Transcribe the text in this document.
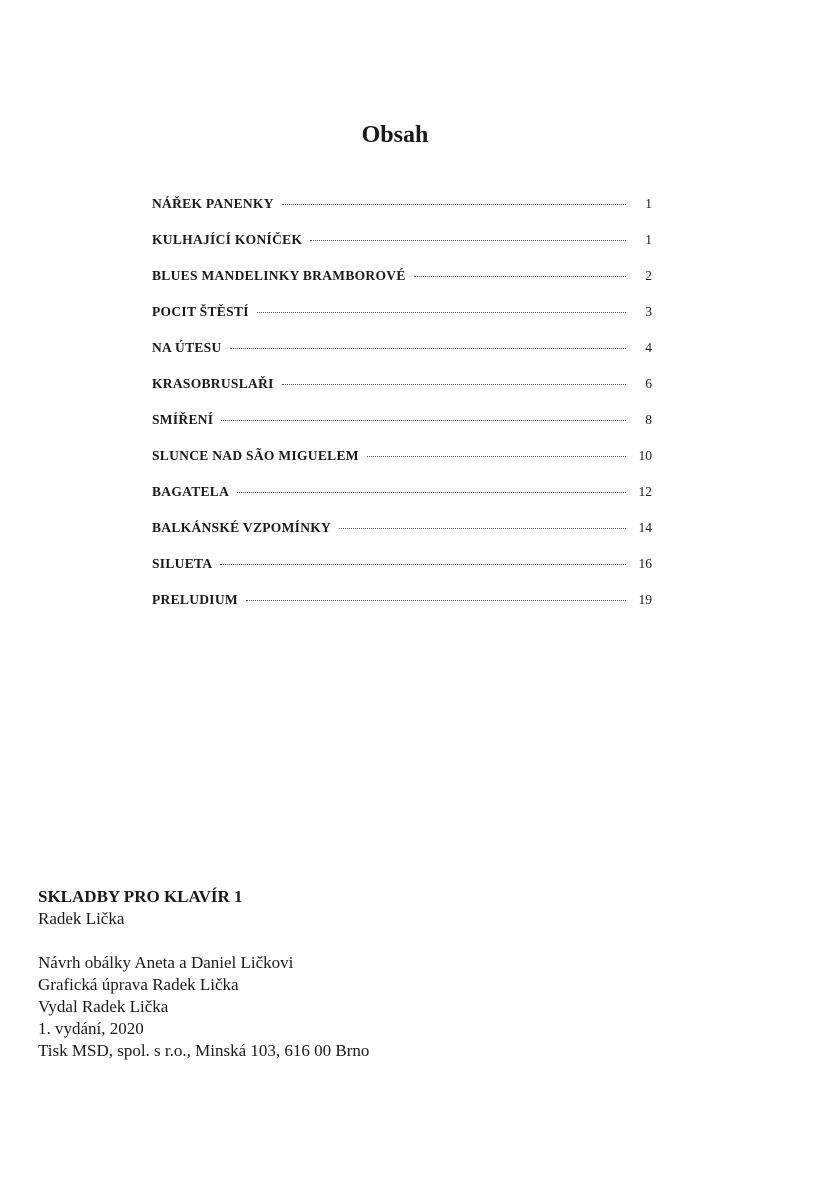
Obsah
NÁŘEK PANENKY	1
KULHAJÍCÍ KONÍČEK	1
BLUES MANDELINKY BRAMBOROVÉ	2
POCIT ŠTĚSTÍ	3
NA ÚTESU	4
KRASOBRUSLAŘI	6
SMÍŘENÍ	8
SLUNCE NAD SÃO MIGUELEM	10
BAGATELA	12
BALKÁNSKÉ VZPOMÍNKY	14
SILUETA	16
PRELUDIUM	19

SKLADBY PRO KLAVÍR 1

Radek Lička

Návrh obálky Aneta a Daniel Ličkovi

Grafická úprava Radek Lička

Vydal Radek Lička

1. vydání, 2020

Tisk MSD, spol. s r.o., Minská 103, 616 00 Brno
